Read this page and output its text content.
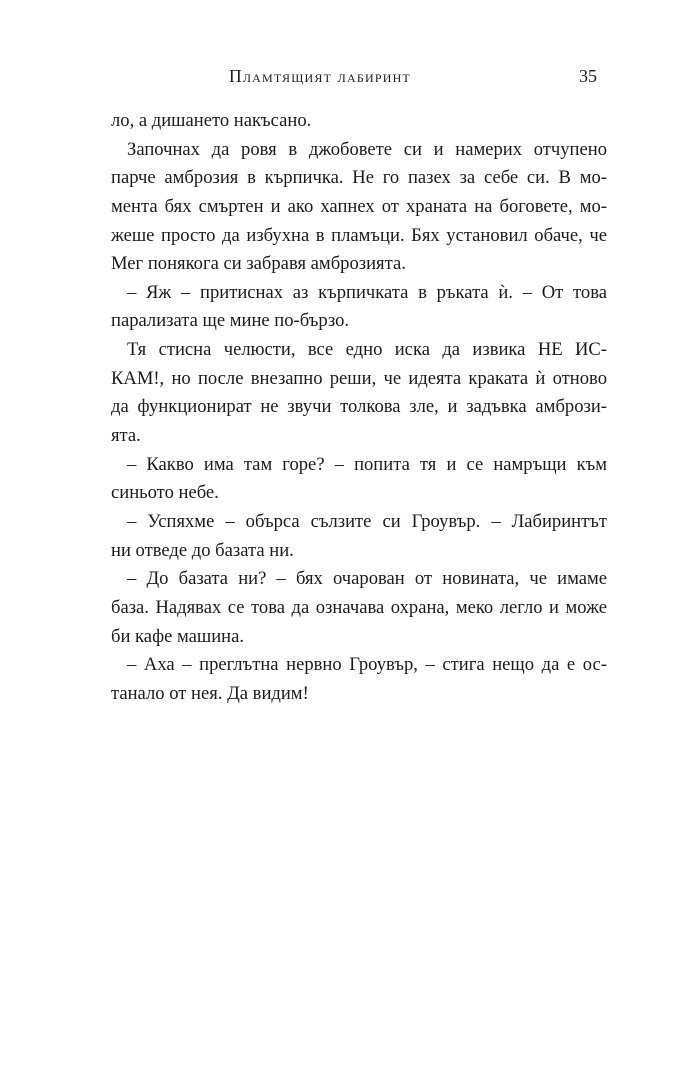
Пламтящият лабиринт	35
ло, а дишането накъсано.
Започнах да ровя в джобовете си и намерих отчупено
парче амброзия в кърпичка. Не го пазех за себе си. В мо-
мента бях смъртен и ако хапнех от храната на боговете, мо-
жеше просто да избухна в пламъци. Бях установил обаче, че
Мег понякога си забравя амброзията.
– Яж – притиснах аз кърпичката в ръката ѝ. – От това
парализата ще мине по-бързо.
Тя стисна челюсти, все едно иска да извика НЕ ИС-
КАМ!, но после внезапно реши, че идеята краката ѝ отново
да функционират не звучи толкова зле, и задъвка амбрози-
ята.
– Какво има там горе? – попита тя и се намръщи към
синьото небе.
– Успяхме – обърса сълзите си Гроувър. – Лабиринтът
ни отведе до базата ни.
– До базата ни? – бях очарован от новината, че имаме
база. Надявах се това да означава охрана, меко легло и може
би кафе машина.
– Аха – преглътна нервно Гроувър, – стига нещо да е ос-
танало от нея. Да видим!
